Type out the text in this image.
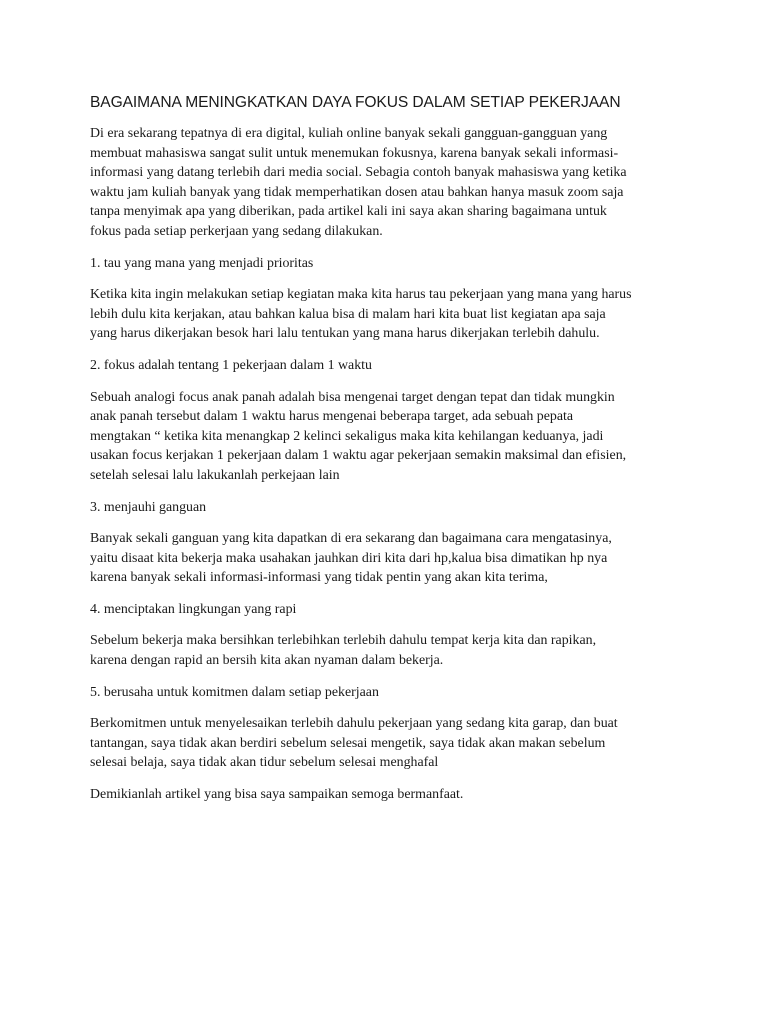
BAGAIMANA MENINGKATKAN DAYA FOKUS DALAM SETIAP PEKERJAAN

Di era sekarang tepatnya di era digital, kuliah online banyak sekali gangguan-gangguan yang
membuat mahasiswa sangat sulit untuk menemukan fokusnya, karena banyak sekali informasi-
informasi yang datang terlebih dari media social. Sebagia contoh banyak mahasiswa yang ketika
waktu jam kuliah banyak yang tidak memperhatikan dosen atau bahkan hanya masuk zoom saja
tanpa menyimak apa yang diberikan, pada artikel kali ini saya akan sharing bagaimana untuk
fokus pada setiap perkerjaan yang sedang dilakukan.

1. tau yang mana yang menjadi prioritas

Ketika kita ingin melakukan setiap kegiatan maka kita harus tau pekerjaan yang mana yang harus
lebih dulu kita kerjakan, atau bahkan kalua bisa di malam hari kita buat list kegiatan apa saja
yang harus dikerjakan besok hari lalu tentukan yang mana harus dikerjakan terlebih dahulu.

2. fokus adalah tentang 1 pekerjaan dalam 1 waktu

Sebuah analogi focus anak panah adalah bisa mengenai target dengan tepat dan tidak mungkin
anak panah tersebut dalam 1 waktu harus mengenai beberapa target, ada sebuah pepata
mengtakan “ ketika kita menangkap 2 kelinci sekaligus maka kita kehilangan keduanya, jadi
usakan focus kerjakan 1 pekerjaan dalam 1 waktu agar pekerjaan semakin maksimal dan efisien,
setelah selesai lalu lakukanlah perkejaan lain

3. menjauhi ganguan

Banyak sekali ganguan yang kita dapatkan di era sekarang dan bagaimana cara mengatasinya,
yaitu disaat kita bekerja maka usahakan jauhkan diri kita dari hp,kalua bisa dimatikan hp nya
karena banyak sekali informasi-informasi yang tidak pentin yang akan kita terima,

4. menciptakan lingkungan yang rapi

Sebelum bekerja maka bersihkan terlebihkan terlebih dahulu tempat kerja kita dan rapikan,
karena dengan rapid an bersih kita akan nyaman dalam bekerja.

5. berusaha untuk komitmen dalam setiap pekerjaan

Berkomitmen untuk menyelesaikan terlebih dahulu pekerjaan yang sedang kita garap, dan buat
tantangan, saya tidak akan berdiri sebelum selesai mengetik, saya tidak akan makan sebelum
selesai belaja, saya tidak akan tidur sebelum selesai menghafal

Demikianlah artikel yang bisa saya sampaikan semoga bermanfaat.
